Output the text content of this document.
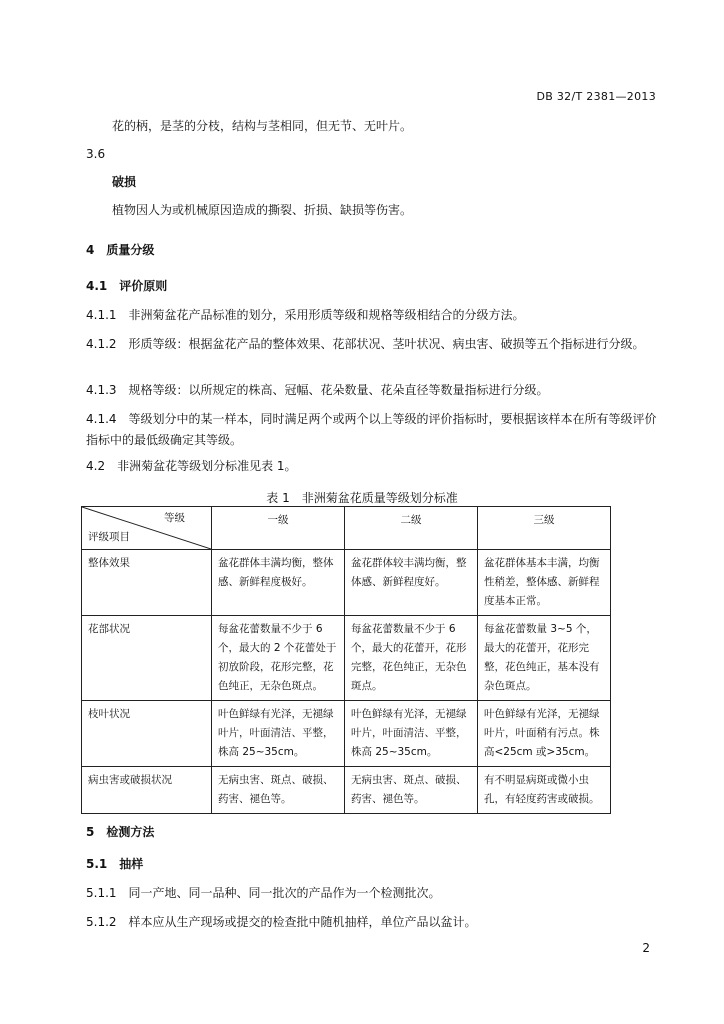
DB 32/T 2381—2013
花的柄，是茎的分枝，结构与茎相同，但无节、无叶片。
3.6
破损
植物因人为或机械原因造成的撕裂、折损、缺损等伤害。
4　质量分级
4.1　评价原则
4.1.1　非洲菊盆花产品标准的划分，采用形质等级和规格等级相结合的分级方法。
4.1.2　形质等级：根据盆花产品的整体效果、花部状况、茎叶状况、病虫害、破损等五个指标进行分级。
4.1.3　规格等级：以所规定的株高、冠幅、花朵数量、花朵直径等数量指标进行分级。
4.1.4　等级划分中的某一样本，同时满足两个或两个以上等级的评价指标时，要根据该样本在所有等级评价指标中的最低级确定其等级。
4.2　非洲菊盆花等级划分标准见表 1。
表 1　非洲菊盆花质量等级划分标准
等级
评级项目	一级	二级	三级
整体效果	盆花群体丰满均衡，整体感、新鲜程度极好。	盆花群体较丰满均衡，整体感、新鲜程度好。	盆花群体基本丰满，均衡性稍差，整体感、新鲜程度基本正常。
花部状况	每盆花蕾数量不少于 6 个，最大的 2 个花蕾处于初放阶段，花形完整，花色纯正，无杂色斑点。	每盆花蕾数量不少于 6 个，最大的花蕾开，花形完整，花色纯正，无杂色斑点。	每盆花蕾数量 3~5 个，最大的花蕾开，花形完整，花色纯正，基本没有杂色斑点。
枝叶状况	叶色鲜绿有光泽，无褪绿叶片，叶面清洁、平整，株高 25~35cm。	叶色鲜绿有光泽，无褪绿叶片，叶面清洁、平整，株高 25~35cm。	叶色鲜绿有光泽，无褪绿叶片，叶面稍有污点。株高<25cm 或>35cm。
病虫害或破损状况	无病虫害、斑点、破损、药害、褪色等。	无病虫害、斑点、破损、药害、褪色等。	有不明显病斑或微小虫孔，有轻度药害或破损。
5　检测方法
5.1　抽样
5.1.1　同一产地、同一品种、同一批次的产品作为一个检测批次。
5.1.2　样本应从生产现场或提交的检查批中随机抽样，单位产品以盆计。
2
